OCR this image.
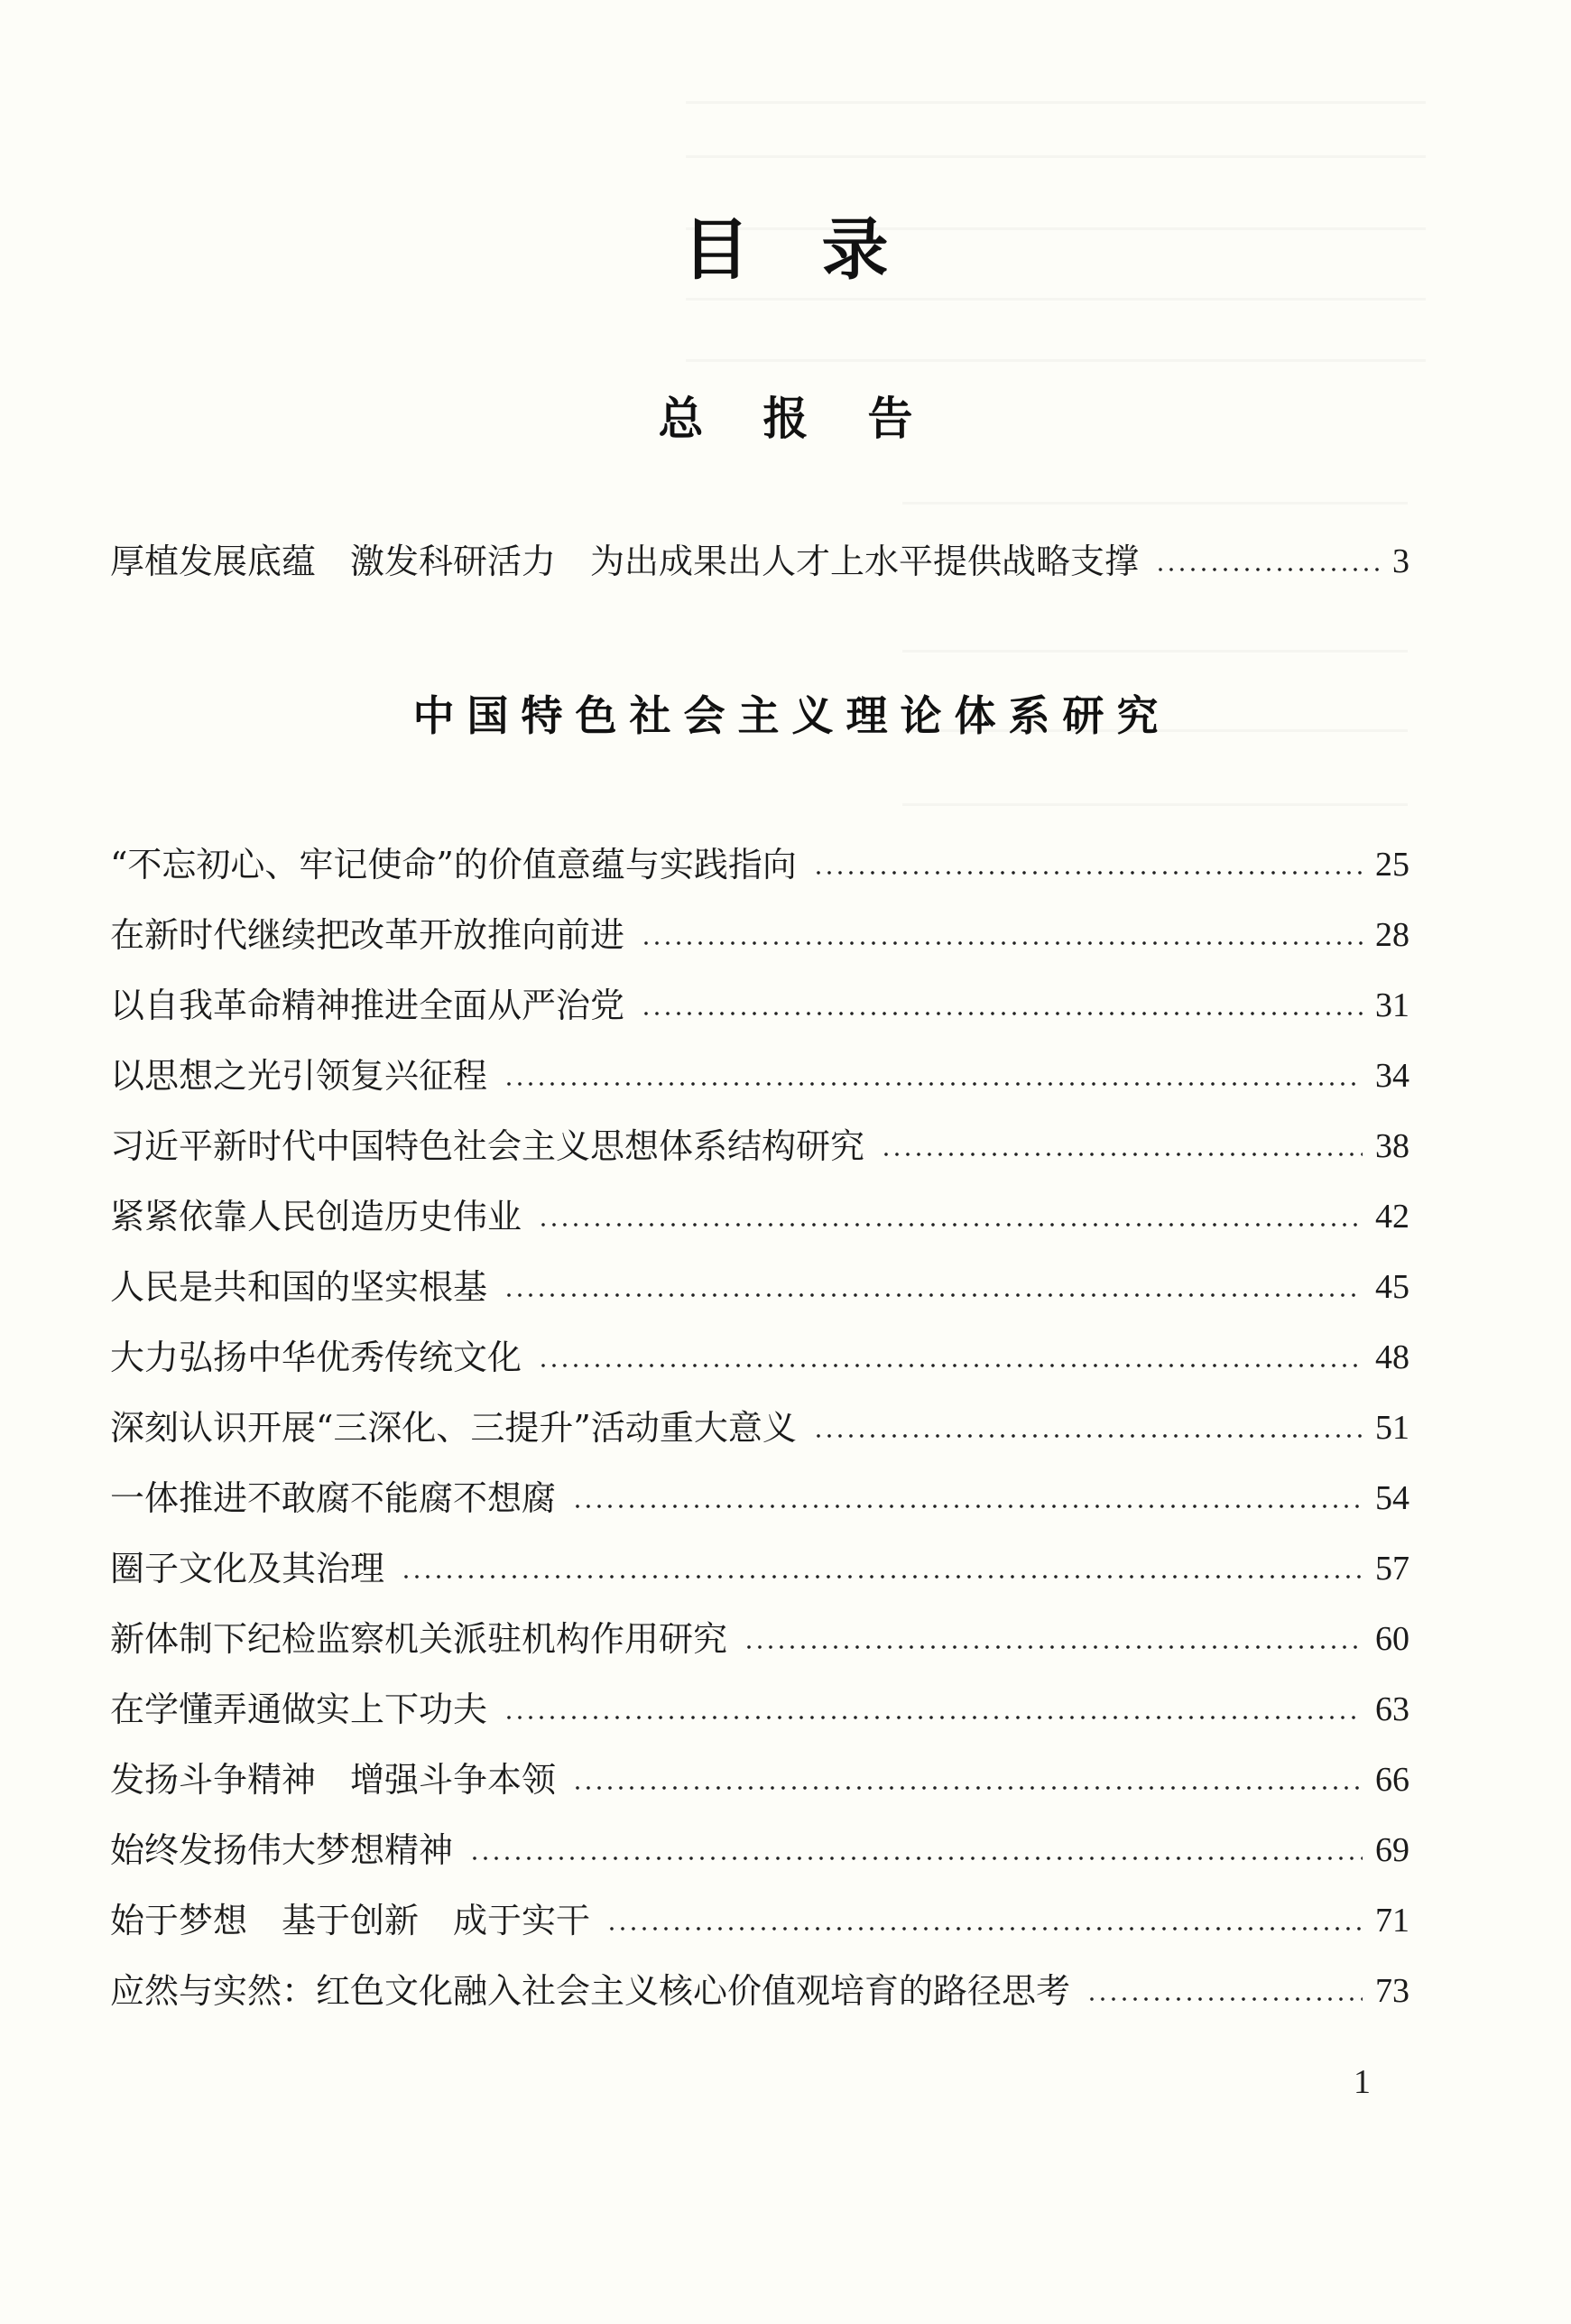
目录
总报告
厚植发展底蕴　激发科研活力　为出成果出人才上水平提供战略支撑	3
中国特色社会主义理论体系研究
“不忘初心、牢记使命”的价值意蕴与实践指向	25
在新时代继续把改革开放推向前进	28
以自我革命精神推进全面从严治党	31
以思想之光引领复兴征程	34
习近平新时代中国特色社会主义思想体系结构研究	38
紧紧依靠人民创造历史伟业	42
人民是共和国的坚实根基	45
大力弘扬中华优秀传统文化	48
深刻认识开展“三深化、三提升”活动重大意义	51
一体推进不敢腐不能腐不想腐	54
圈子文化及其治理	57
新体制下纪检监察机关派驻机构作用研究	60
在学懂弄通做实上下功夫	63
发扬斗争精神　增强斗争本领	66
始终发扬伟大梦想精神	69
始于梦想　基于创新　成于实干	71
应然与实然：红色文化融入社会主义核心价值观培育的路径思考	73
1
